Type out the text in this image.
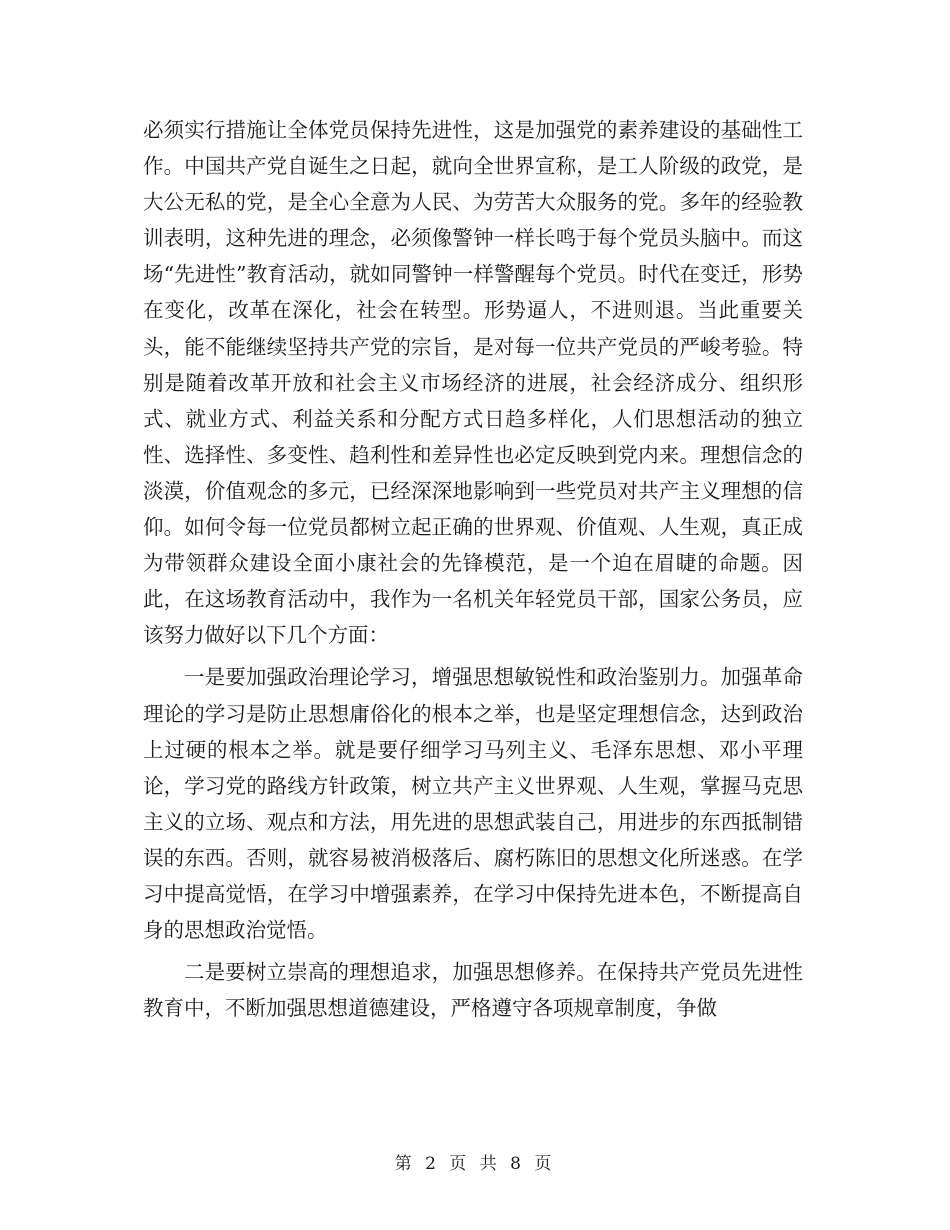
必须实行措施让全体党员保持先进性，这是加强党的素养建设的基础性工作。中国共产党自诞生之日起，就向全世界宣称，是工人阶级的政党，是大公无私的党，是全心全意为人民、为劳苦大众服务的党。多年的经验教训表明，这种先进的理念，必须像警钟一样长鸣于每个党员头脑中。而这场“先进性”教育活动，就如同警钟一样警醒每个党员。时代在变迁，形势在变化，改革在深化，社会在转型。形势逼人，不进则退。当此重要关头，能不能继续坚持共产党的宗旨，是对每一位共产党员的严峻考验。特别是随着改革开放和社会主义市场经济的进展，社会经济成分、组织形式、就业方式、利益关系和分配方式日趋多样化，人们思想活动的独立性、选择性、多变性、趋利性和差异性也必定反映到党内来。理想信念的淡漠，价值观念的多元，已经深深地影响到一些党员对共产主义理想的信仰。如何令每一位党员都树立起正确的世界观、价值观、人生观，真正成为带领群众建设全面小康社会的先锋模范，是一个迫在眉睫的命题。因此，在这场教育活动中，我作为一名机关年轻党员干部，国家公务员，应该努力做好以下几个方面：

一是要加强政治理论学习，增强思想敏锐性和政治鉴别力。加强革命理论的学习是防止思想庸俗化的根本之举，也是坚定理想信念，达到政治上过硬的根本之举。就是要仔细学习马列主义、毛泽东思想、邓小平理论，学习党的路线方针政策，树立共产主义世界观、人生观，掌握马克思主义的立场、观点和方法，用先进的思想武装自己，用进步的东西抵制错误的东西。否则，就容易被消极落后、腐朽陈旧的思想文化所迷惑。在学习中提高觉悟，在学习中增强素养，在学习中保持先进本色，不断提高自身的思想政治觉悟。

二是要树立崇高的理想追求，加强思想修养。在保持共产党员先进性教育中，不断加强思想道德建设，严格遵守各项规章制度，争做

第 2 页 共 8 页
